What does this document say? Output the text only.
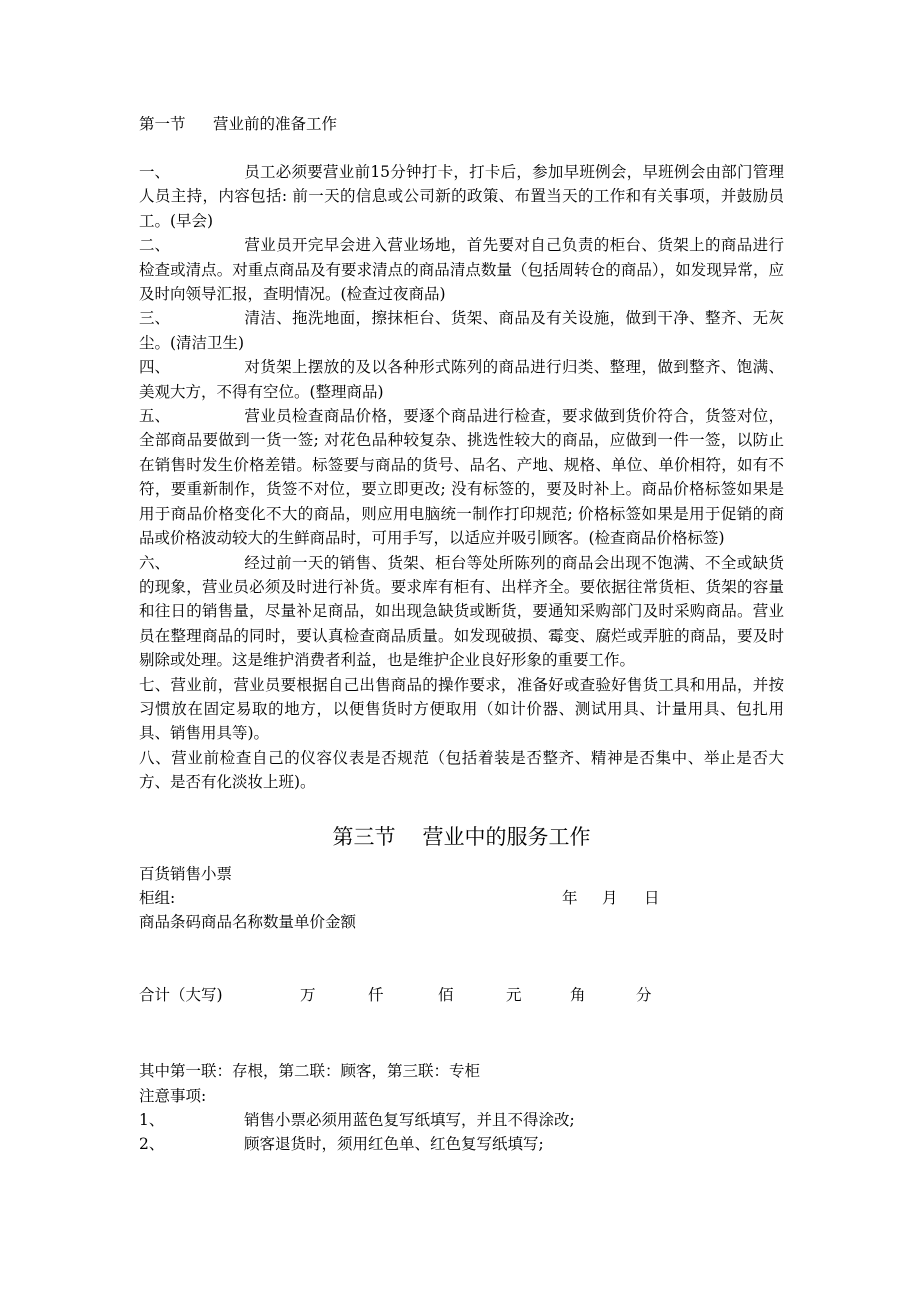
第一节	营业前的准备工作
一、	员工必须要营业前15分钟打卡，打卡后，参加早班例会，早班例会由部门管理人员主持，内容包括: 前一天的信息或公司新的政策、布置当天的工作和有关事项，并鼓励员工。(早会)
二、	营业员开完早会进入营业场地，首先要对自己负责的柜台、货架上的商品进行检查或清点。对重点商品及有要求清点的商品清点数量（包括周转仓的商品），如发现异常，应及时向领导汇报，查明情况。(检查过夜商品)
三、	清洁、拖洗地面，擦抹柜台、货架、商品及有关设施，做到干净、整齐、无灰尘。(清洁卫生)
四、	对货架上摆放的及以各种形式陈列的商品进行归类、整理，做到整齐、饱满、美观大方，不得有空位。(整理商品)
五、	营业员检查商品价格，要逐个商品进行检查，要求做到货价符合，货签对位，全部商品要做到一货一签; 对花色品种较复杂、挑选性较大的商品，应做到一件一签，以防止在销售时发生价格差错。标签要与商品的货号、品名、产地、规格、单位、单价相符，如有不符，要重新制作，货签不对位，要立即更改; 没有标签的，要及时补上。商品价格标签如果是用于商品价格变化不大的商品，则应用电脑统一制作打印规范; 价格标签如果是用于促销的商品或价格波动较大的生鲜商品时，可用手写，以适应并吸引顾客。(检查商品价格标签)
六、	经过前一天的销售、货架、柜台等处所陈列的商品会出现不饱满、不全或缺货的现象，营业员必须及时进行补货。要求库有柜有、出样齐全。要依据往常货柜、货架的容量和往日的销售量，尽量补足商品，如出现急缺货或断货，要通知采购部门及时采购商品。营业员在整理商品的同时，要认真检查商品质量。如发现破损、霉变、腐烂或弄脏的商品，要及时剔除或处理。这是维护消费者利益，也是维护企业良好形象的重要工作。
七、营业前，营业员要根据自己出售商品的操作要求，准备好或查验好售货工具和用品，并按习惯放在固定易取的地方，以便售货时方便取用（如计价器、测试用具、计量用具、包扎用具、销售用具等)。
八、营业前检查自己的仪容仪表是否规范（包括着装是否整齐、精神是否集中、举止是否大方、是否有化淡妆上班)。
第三节 营业中的服务工作
百货销售小票
柜组:	年 月 日
商品条码商品名称数量单价金额
合计（大写)	万	仟	佰	元	角	分
其中第一联：存根，第二联：顾客，第三联：专柜
注意事项:
1、	销售小票必须用蓝色复写纸填写，并且不得涂改;
2、	顾客退货时，须用红色单、红色复写纸填写;
